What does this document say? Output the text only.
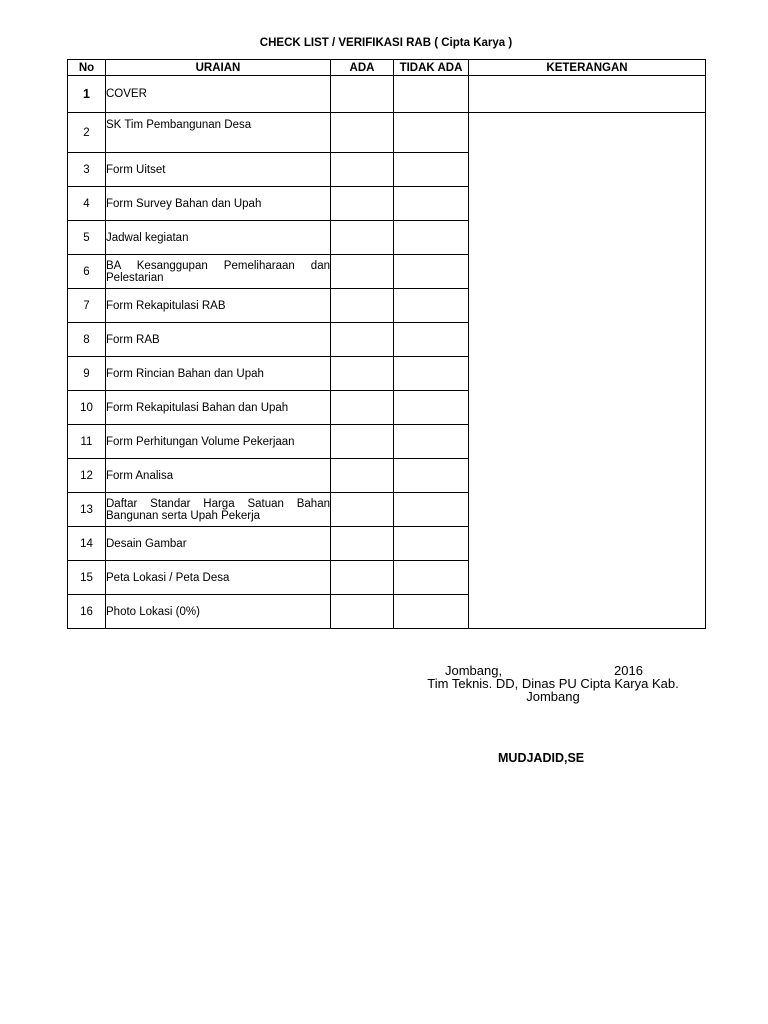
CHECK LIST / VERIFIKASI RAB ( Cipta Karya )
No	URAIAN	ADA	TIDAK ADA	KETERANGAN
1	COVER			
2	SK Tim Pembangunan Desa			
3	Form Uitset			
4	Form Survey Bahan dan Upah			
5	Jadwal kegiatan			
6	BA Kesanggupan Pemeliharaan dan Pelestarian			
7	Form Rekapitulasi RAB			
8	Form RAB			
9	Form Rincian Bahan dan Upah			
10	Form Rekapitulasi Bahan dan Upah			
11	Form Perhitungan Volume Pekerjaan			
12	Form Analisa			
13	Daftar Standar Harga Satuan Bahan Bangunan serta Upah Pekerja			
14	Desain Gambar			
15	Peta Lokasi / Peta Desa			
16	Photo Lokasi (0%)			
Jombang,	2016
Tim Teknis. DD, Dinas PU Cipta Karya Kab. Jombang
MUDJADID,SE
